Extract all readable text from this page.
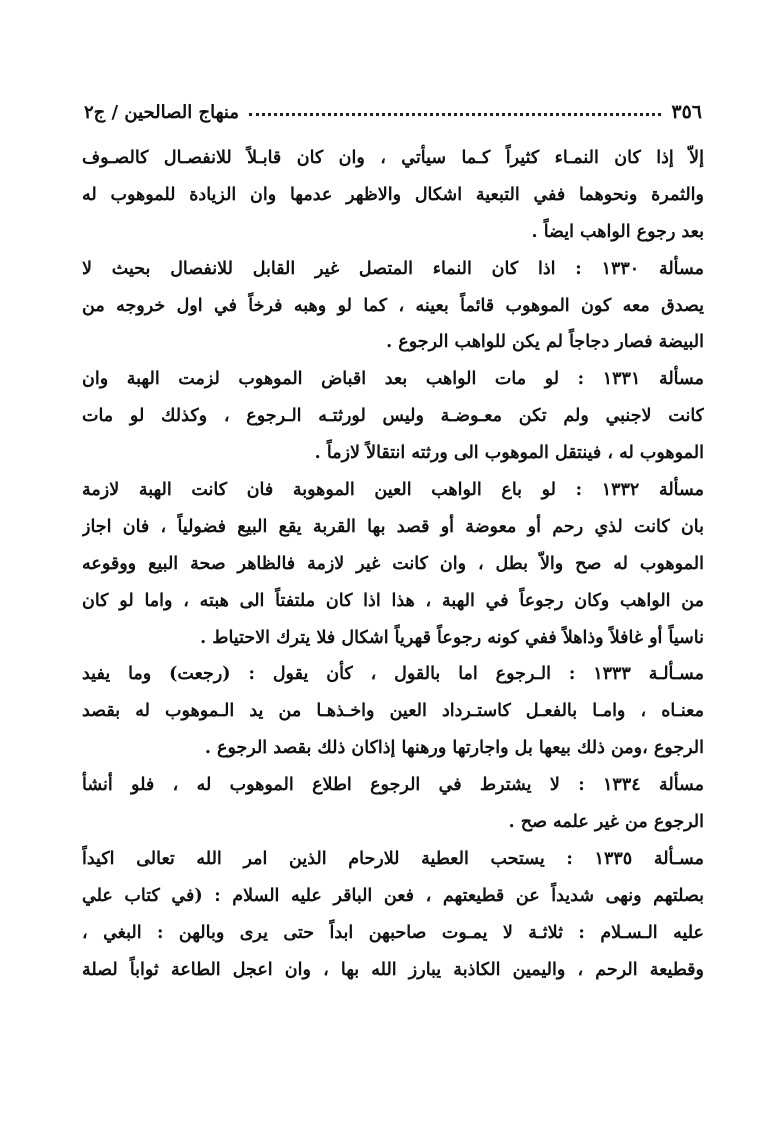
٣٥٦
منهاج الصالحين / ج٢
إلاّ إذا كان النمـاء كثيراً كـما سيأتي ، وان كان قابـلاً للانفصـال كالصـوف
والثمرة ونحوهما ففي التبعية اشكال والاظهر عدمها وان الزيادة للموهوب له
بعد رجوع الواهب ايضاً .
مسألة ١٣٣٠ : اذا كان النماء المتصل غير القابل للانفصال بحيث لا
يصدق معه كون الموهوب قائماً بعينه ، كما لو وهبه فرخاً في اول خروجه من
البيضة فصار دجاجاً لم يكن للواهب الرجوع .
مسألة ١٣٣١ : لو مات الواهب بعد اقباض الموهوب لزمت الهبة وان
كانت لاجنبي ولم تكن معـوضـة وليس لورثتـه الـرجوع ، وكذلك لو مات
الموهوب له ، فينتقل الموهوب الى ورثته انتقالاً لازماً .
مسألة ١٣٣٢ : لو باع الواهب العين الموهوبة فان كانت الهبة لازمة
بان كانت لذي رحم أو معوضة أو قصد بها القربة يقع البيع فضولياً ، فان اجاز
الموهوب له صح والاّ بطل ، وان كانت غير لازمة فالظاهر صحة البيع ووقوعه
من الواهب وكان رجوعاً في الهبة ، هذا اذا كان ملتفتاً الى هبته ، واما لو كان
ناسياً أو غافلاً وذاهلاً ففي كونه رجوعاً قهرياً اشكال فلا يترك الاحتياط .
مسـألـة ١٣٣٣ : الـرجوع اما بالقول ، كأن يقول : (رجعت) وما يفيد
معنـاه ، وامـا بالفعـل كاستـرداد العين واخـذهـا من يد الـموهوب له بقصد
الرجوع ،ومن ذلك بيعها بل واجارتها ورهنها إذاكان ذلك بقصد الرجوع .
مسألة ١٣٣٤ : لا يشترط في الرجوع اطلاع الموهوب له ، فلو أنشأ
الرجوع من غير علمه صح .
مسـألة ١٣٣٥ : يستحب العطية للارحام الذين امر الله تعالى اكيداً
بصلتهم ونهى شديداً عن قطيعتهم ، فعن الباقر عليه السلام : (في كتاب علي
عليه الـسـلام : ثلاثـة لا يمـوت صاحبهن ابداً حتى يرى وبالهن : البغي ،
وقطيعة الرحم ، واليمين الكاذبة يبارز الله بها ، وان اعجل الطاعة ثواباً لصلة
